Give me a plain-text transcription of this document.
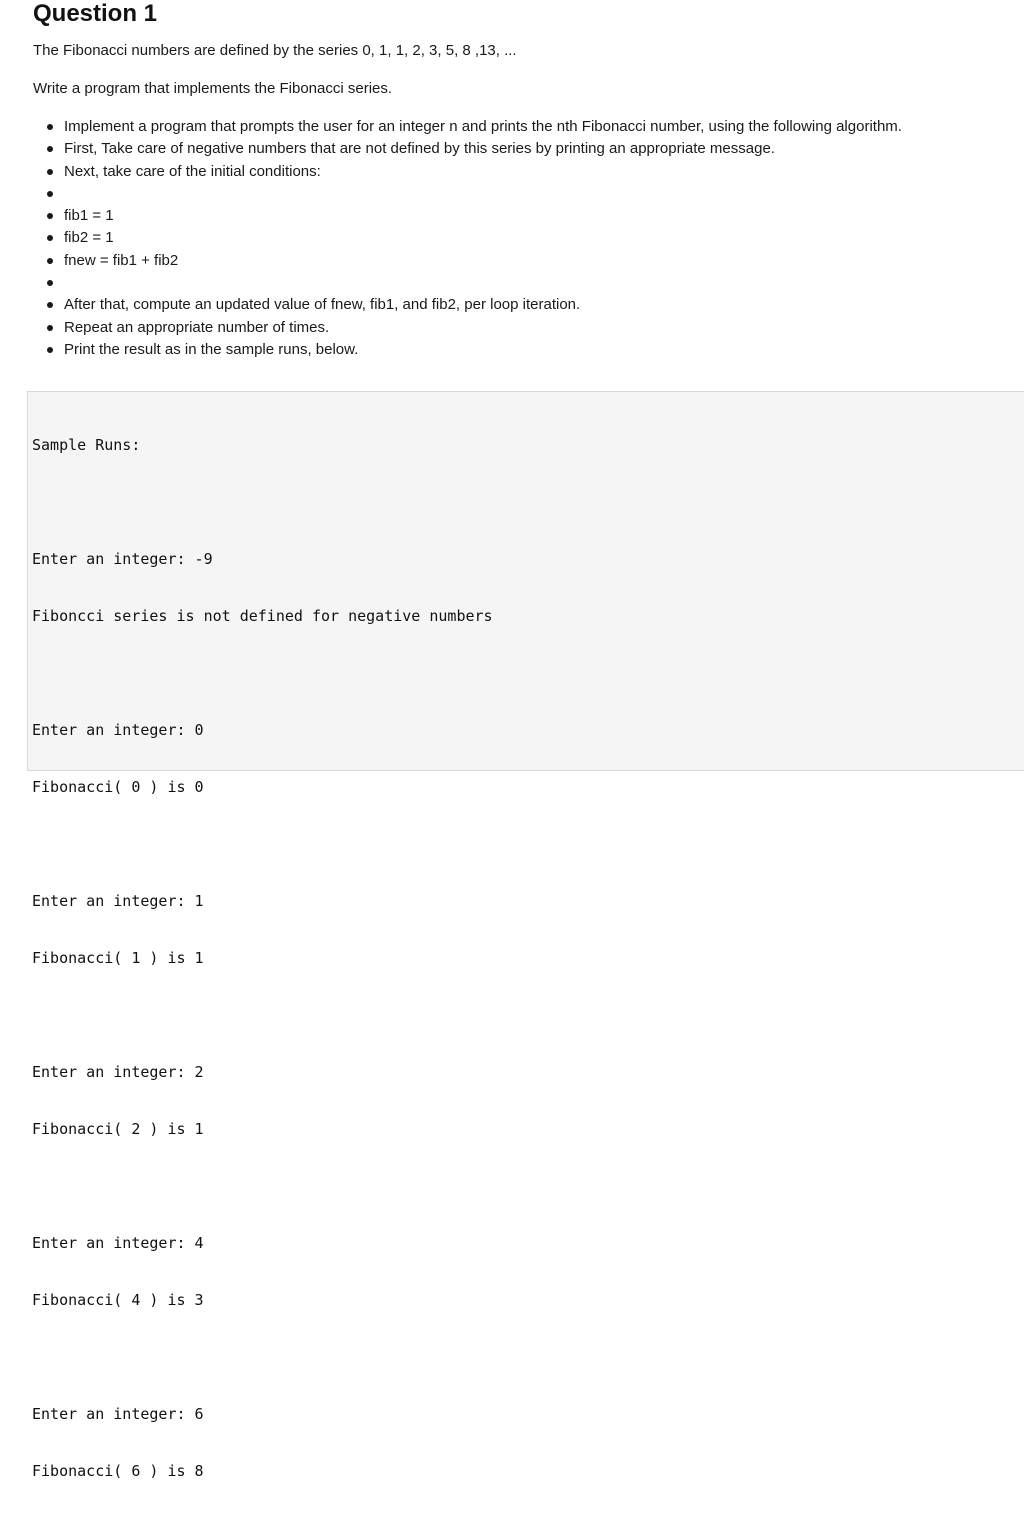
Question 1

The Fibonacci numbers are defined by the series 0, 1, 1, 2, 3, 5, 8 ,13, ...

Write a program that implements the Fibonacci series.

Implement a program that prompts the user for an integer n and prints the nth Fibonacci number, using the following algorithm.
First, Take care of negative numbers that are not defined by this series by printing an appropriate message.
Next, take care of the initial conditions:
fib1 = 1
fib2 = 1
fnew = fib1 + fib2
After that, compute an updated value of fnew, fib1, and fib2, per loop iteration.
Repeat an appropriate number of times.
Print the result as in the sample runs, below.

Sample Runs:

Enter an integer: -9

Fiboncci series is not defined for negative numbers

Enter an integer: 0

Fibonacci( 0 ) is 0

Enter an integer: 1

Fibonacci( 1 ) is 1

Enter an integer: 2

Fibonacci( 2 ) is 1

Enter an integer: 4

Fibonacci( 4 ) is 3

Enter an integer: 6

Fibonacci( 6 ) is 8
